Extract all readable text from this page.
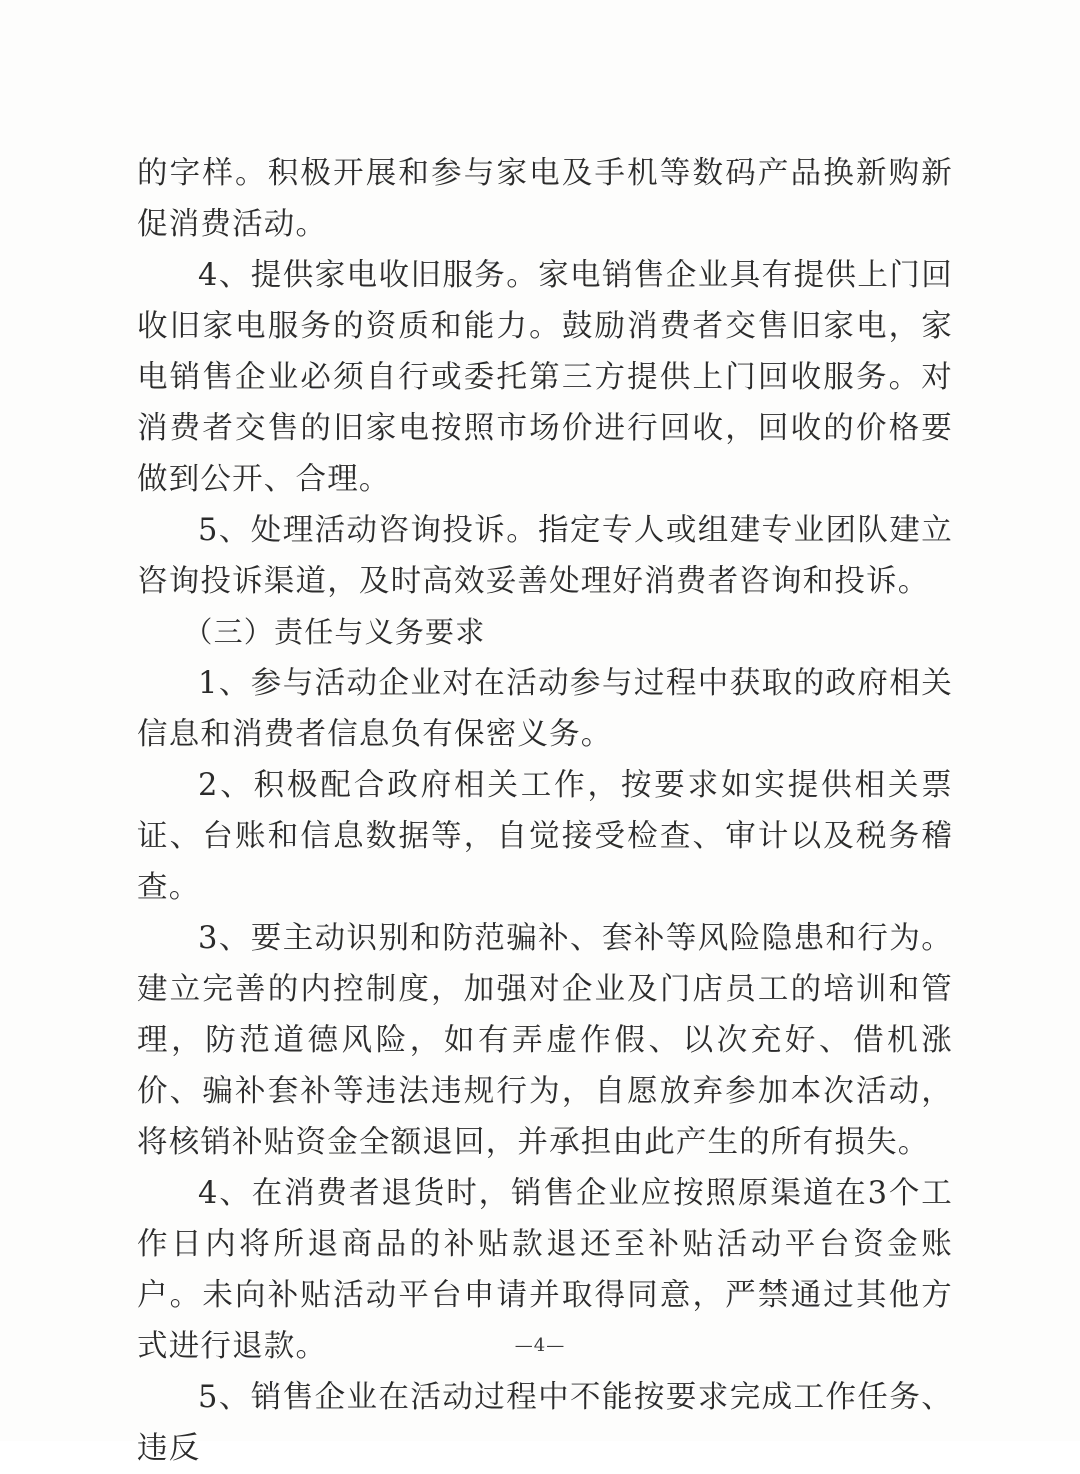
的字样。积极开展和参与家电及手机等数码产品换新购新促消费活动。

4、提供家电收旧服务。家电销售企业具有提供上门回收旧家电服务的资质和能力。鼓励消费者交售旧家电，家电销售企业必须自行或委托第三方提供上门回收服务。对消费者交售的旧家电按照市场价进行回收，回收的价格要做到公开、合理。

5、处理活动咨询投诉。指定专人或组建专业团队建立咨询投诉渠道，及时高效妥善处理好消费者咨询和投诉。

（三）责任与义务要求

1、参与活动企业对在活动参与过程中获取的政府相关信息和消费者信息负有保密义务。

2、积极配合政府相关工作，按要求如实提供相关票证、台账和信息数据等，自觉接受检查、审计以及税务稽查。

3、要主动识别和防范骗补、套补等风险隐患和行为。建立完善的内控制度，加强对企业及门店员工的培训和管理，防范道德风险，如有弄虚作假、以次充好、借机涨价、骗补套补等违法违规行为，自愿放弃参加本次活动，将核销补贴资金全额退回，并承担由此产生的所有损失。

4、在消费者退货时，销售企业应按照原渠道在3个工作日内将所退商品的补贴款退还至补贴活动平台资金账户。未向补贴活动平台申请并取得同意，严禁通过其他方式进行退款。

5、销售企业在活动过程中不能按要求完成工作任务、违反

—4—
